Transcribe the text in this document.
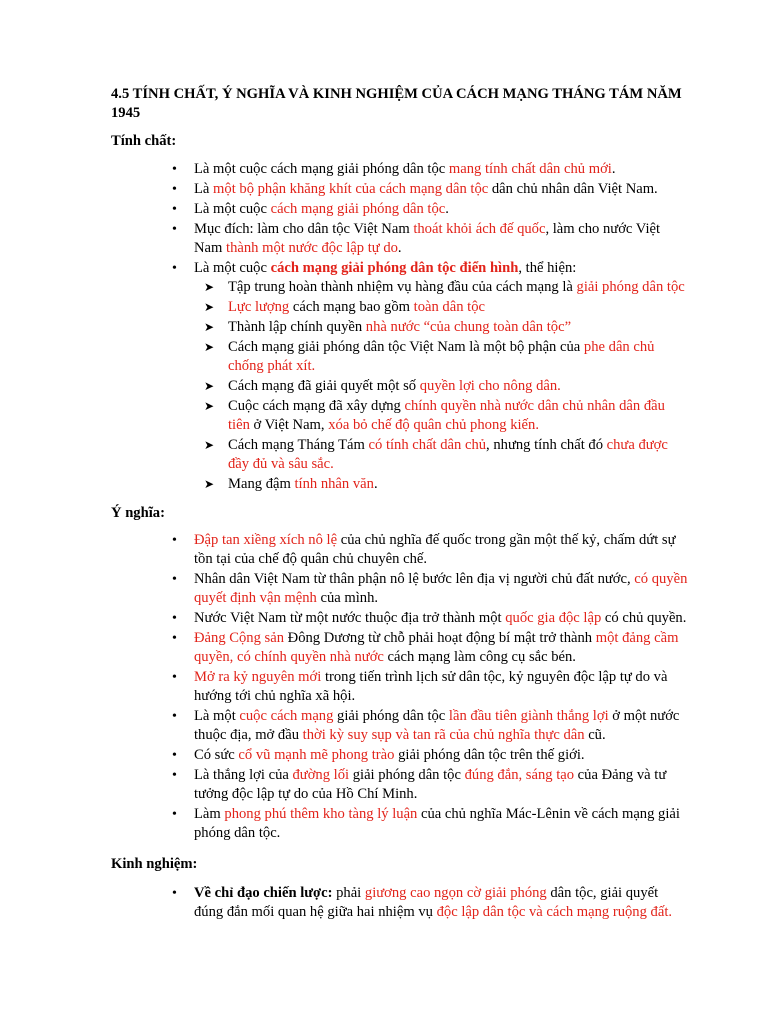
4.5 TÍNH CHẤT, Ý NGHĨA VÀ KINH NGHIỆM CỦA CÁCH MẠNG THÁNG TÁM NĂM 1945
Tính chất:
• Là một cuộc cách mạng giải phóng dân tộc mang tính chất dân chủ mới.
• Là một bộ phận khăng khít của cách mạng dân tộc dân chủ nhân dân Việt Nam.
• Là một cuộc cách mạng giải phóng dân tộc.
• Mục đích: làm cho dân tộc Việt Nam thoát khỏi ách đế quốc, làm cho nước Việt Nam thành một nước độc lập tự do.
• Là một cuộc cách mạng giải phóng dân tộc điển hình, thể hiện:
➤ Tập trung hoàn thành nhiệm vụ hàng đầu của cách mạng là giải phóng dân tộc
➤ Lực lượng cách mạng bao gồm toàn dân tộc
➤ Thành lập chính quyền nhà nước “của chung toàn dân tộc”
➤ Cách mạng giải phóng dân tộc Việt Nam là một bộ phận của phe dân chủ chống phát xít.
➤ Cách mạng đã giải quyết một số quyền lợi cho nông dân.
➤ Cuộc cách mạng đã xây dựng chính quyền nhà nước dân chủ nhân dân đầu tiên ở Việt Nam, xóa bỏ chế độ quân chủ phong kiến.
➤ Cách mạng Tháng Tám có tính chất dân chủ, nhưng tính chất đó chưa được đầy đủ và sâu sắc.
➤ Mang đậm tính nhân văn.
Ý nghĩa:
• Đập tan xiềng xích nô lệ của chủ nghĩa đế quốc trong gần một thế kỷ, chấm dứt sự tồn tại của chế độ quân chủ chuyên chế.
• Nhân dân Việt Nam từ thân phận nô lệ bước lên địa vị người chủ đất nước, có quyền quyết định vận mệnh của mình.
• Nước Việt Nam từ một nước thuộc địa trở thành một quốc gia độc lập có chủ quyền.
• Đảng Cộng sản Đông Dương từ chỗ phải hoạt động bí mật trở thành một đảng cầm quyền, có chính quyền nhà nước cách mạng làm công cụ sắc bén.
• Mở ra kỷ nguyên mới trong tiến trình lịch sử dân tộc, kỷ nguyên độc lập tự do và hướng tới chủ nghĩa xã hội.
• Là một cuộc cách mạng giải phóng dân tộc lần đầu tiên giành thắng lợi ở một nước thuộc địa, mở đầu thời kỳ suy sụp và tan rã của chủ nghĩa thực dân cũ.
• Có sức cổ vũ mạnh mẽ phong trào giải phóng dân tộc trên thế giới.
• Là thắng lợi của đường lối giải phóng dân tộc đúng đắn, sáng tạo của Đảng và tư tưởng độc lập tự do của Hồ Chí Minh.
• Làm phong phú thêm kho tàng lý luận của chủ nghĩa Mác-Lênin về cách mạng giải phóng dân tộc.
Kinh nghiệm:
• Về chỉ đạo chiến lược: phải giương cao ngọn cờ giải phóng dân tộc, giải quyết đúng đắn mối quan hệ giữa hai nhiệm vụ độc lập dân tộc và cách mạng ruộng đất.
